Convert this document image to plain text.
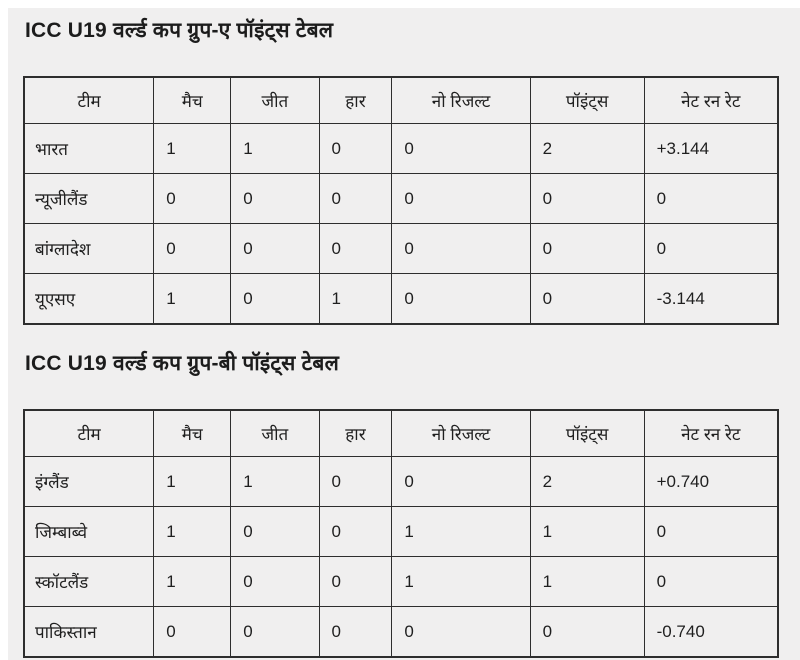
ICC U19 वर्ल्ड कप ग्रुप-ए पॉइंट्स टेबल
टीम	मैच	जीत	हार	नो रिजल्ट	पॉइंट्स	नेट रन रेट
भारत	1	1	0	0	2	+3.144
न्यूजीलैंड	0	0	0	0	0	0
बांग्लादेश	0	0	0	0	0	0
यूएसए	1	0	1	0	0	-3.144
ICC U19 वर्ल्ड कप ग्रुप-बी पॉइंट्स टेबल
टीम	मैच	जीत	हार	नो रिजल्ट	पॉइंट्स	नेट रन रेट
इंग्लैंड	1	1	0	0	2	+0.740
जिम्बाब्वे	1	0	0	1	1	0
स्कॉटलैंड	1	0	0	1	1	0
पाकिस्तान	0	0	0	0	0	-0.740
